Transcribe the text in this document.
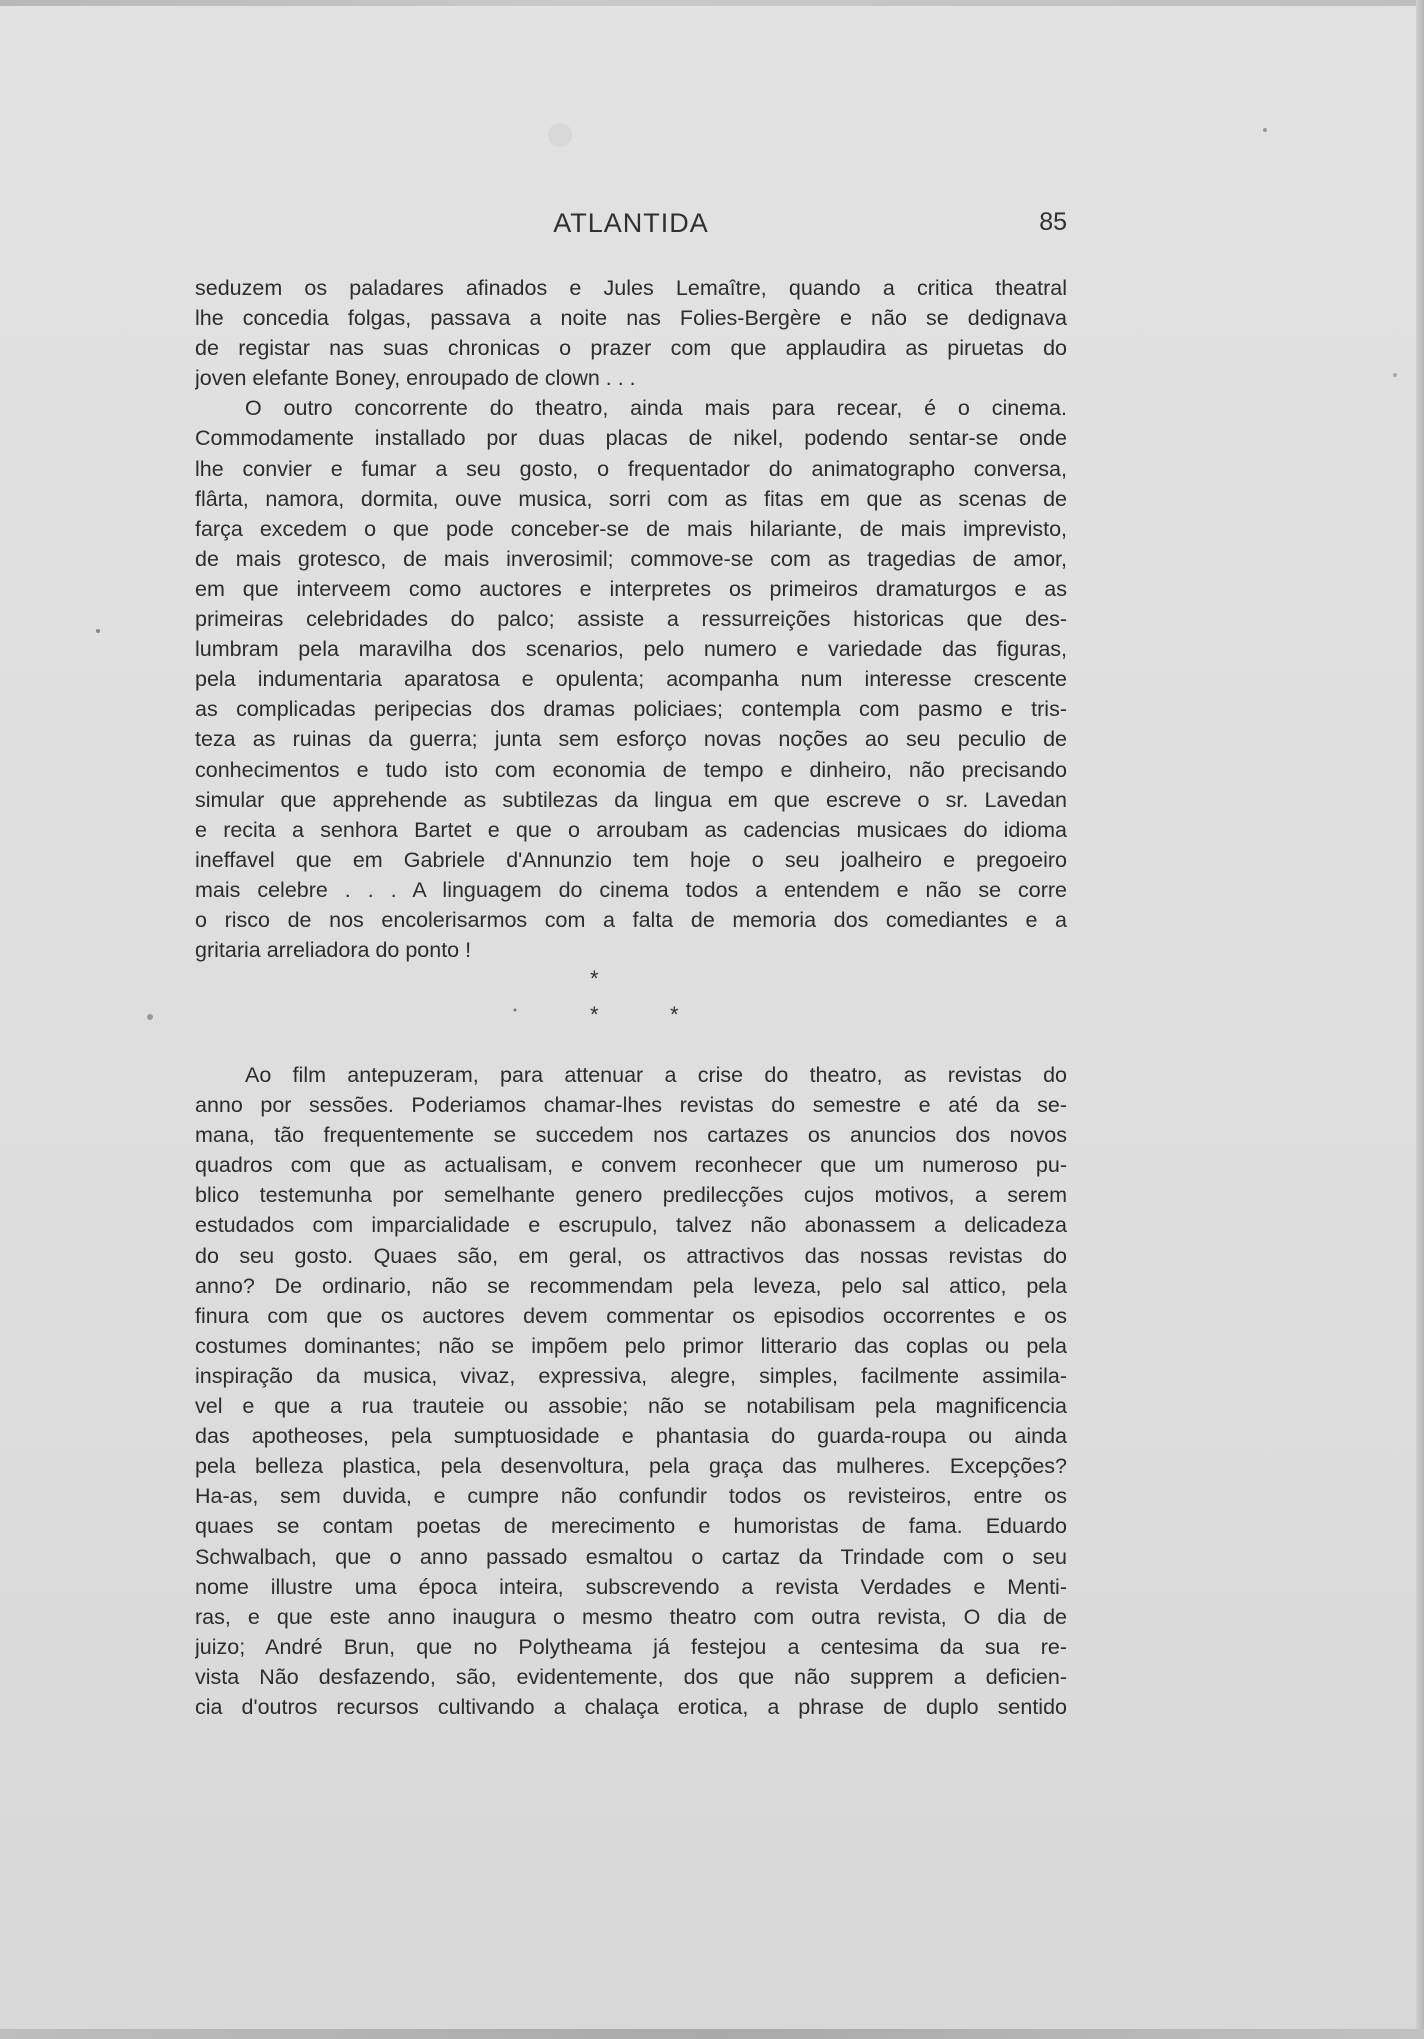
ATLANTIDA	85
seduzem os paladares afinados e Jules Lemaître, quando a critica theatral
lhe concedia folgas, passava a noite nas Folies-Bergère e não se dedignava
de registar nas suas chronicas o prazer com que applaudira as piruetas do
joven elefante Boney, enroupado de clown . . .
O outro concorrente do theatro, ainda mais para recear, é o cinema.
Commodamente installado por duas placas de nikel, podendo sentar-se onde
lhe convier e fumar a seu gosto, o frequentador do animatographo conversa,
flârta, namora, dormita, ouve musica, sorri com as fitas em que as scenas de
farça excedem o que pode conceber-se de mais hilariante, de mais imprevisto,
de mais grotesco, de mais inverosimil; commove-se com as tragedias de amor,
em que interveem como auctores e interpretes os primeiros dramaturgos e as
primeiras celebridades do palco; assiste a ressurreições historicas que des-
lumbram pela maravilha dos scenarios, pelo numero e variedade das figuras,
pela indumentaria aparatosa e opulenta; acompanha num interesse crescente
as complicadas peripecias dos dramas policiaes; contempla com pasmo e tris-
teza as ruinas da guerra; junta sem esforço novas noções ao seu peculio de
conhecimentos e tudo isto com economia de tempo e dinheiro, não precisando
simular que apprehende as subtilezas da lingua em que escreve o sr. Lavedan
e recita a senhora Bartet e que o arroubam as cadencias musicaes do idioma
ineffavel que em Gabriele d'Annunzio tem hoje o seu joalheiro e pregoeiro
mais celebre . . . A linguagem do cinema todos a entendem e não se corre
o risco de nos encolerisarmos com a falta de memoria dos comediantes e a
gritaria arreliadora do ponto !
*
*	*
Ao film antepuzeram, para attenuar a crise do theatro, as revistas do
anno por sessões. Poderiamos chamar-lhes revistas do semestre e até da se-
mana, tão frequentemente se succedem nos cartazes os anuncios dos novos
quadros com que as actualisam, e convem reconhecer que um numeroso pu-
blico testemunha por semelhante genero predilecções cujos motivos, a serem
estudados com imparcialidade e escrupulo, talvez não abonassem a delicadeza
do seu gosto. Quaes são, em geral, os attractivos das nossas revistas do
anno? De ordinario, não se recommendam pela leveza, pelo sal attico, pela
finura com que os auctores devem commentar os episodios occorrentes e os
costumes dominantes; não se impõem pelo primor litterario das coplas ou pela
inspiração da musica, vivaz, expressiva, alegre, simples, facilmente assimila-
vel e que a rua trauteie ou assobie; não se notabilisam pela magnificencia
das apotheoses, pela sumptuosidade e phantasia do guarda-roupa ou ainda
pela belleza plastica, pela desenvoltura, pela graça das mulheres. Excepções?
Ha-as, sem duvida, e cumpre não confundir todos os revisteiros, entre os
quaes se contam poetas de merecimento e humoristas de fama. Eduardo
Schwalbach, que o anno passado esmaltou o cartaz da Trindade com o seu
nome illustre uma época inteira, subscrevendo a revista Verdades e Menti-
ras, e que este anno inaugura o mesmo theatro com outra revista, O dia de
juizo; André Brun, que no Polytheama já festejou a centesima da sua re-
vista Não desfazendo, são, evidentemente, dos que não supprem a deficien-
cia d'outros recursos cultivando a chalaça erotica, a phrase de duplo sentido
